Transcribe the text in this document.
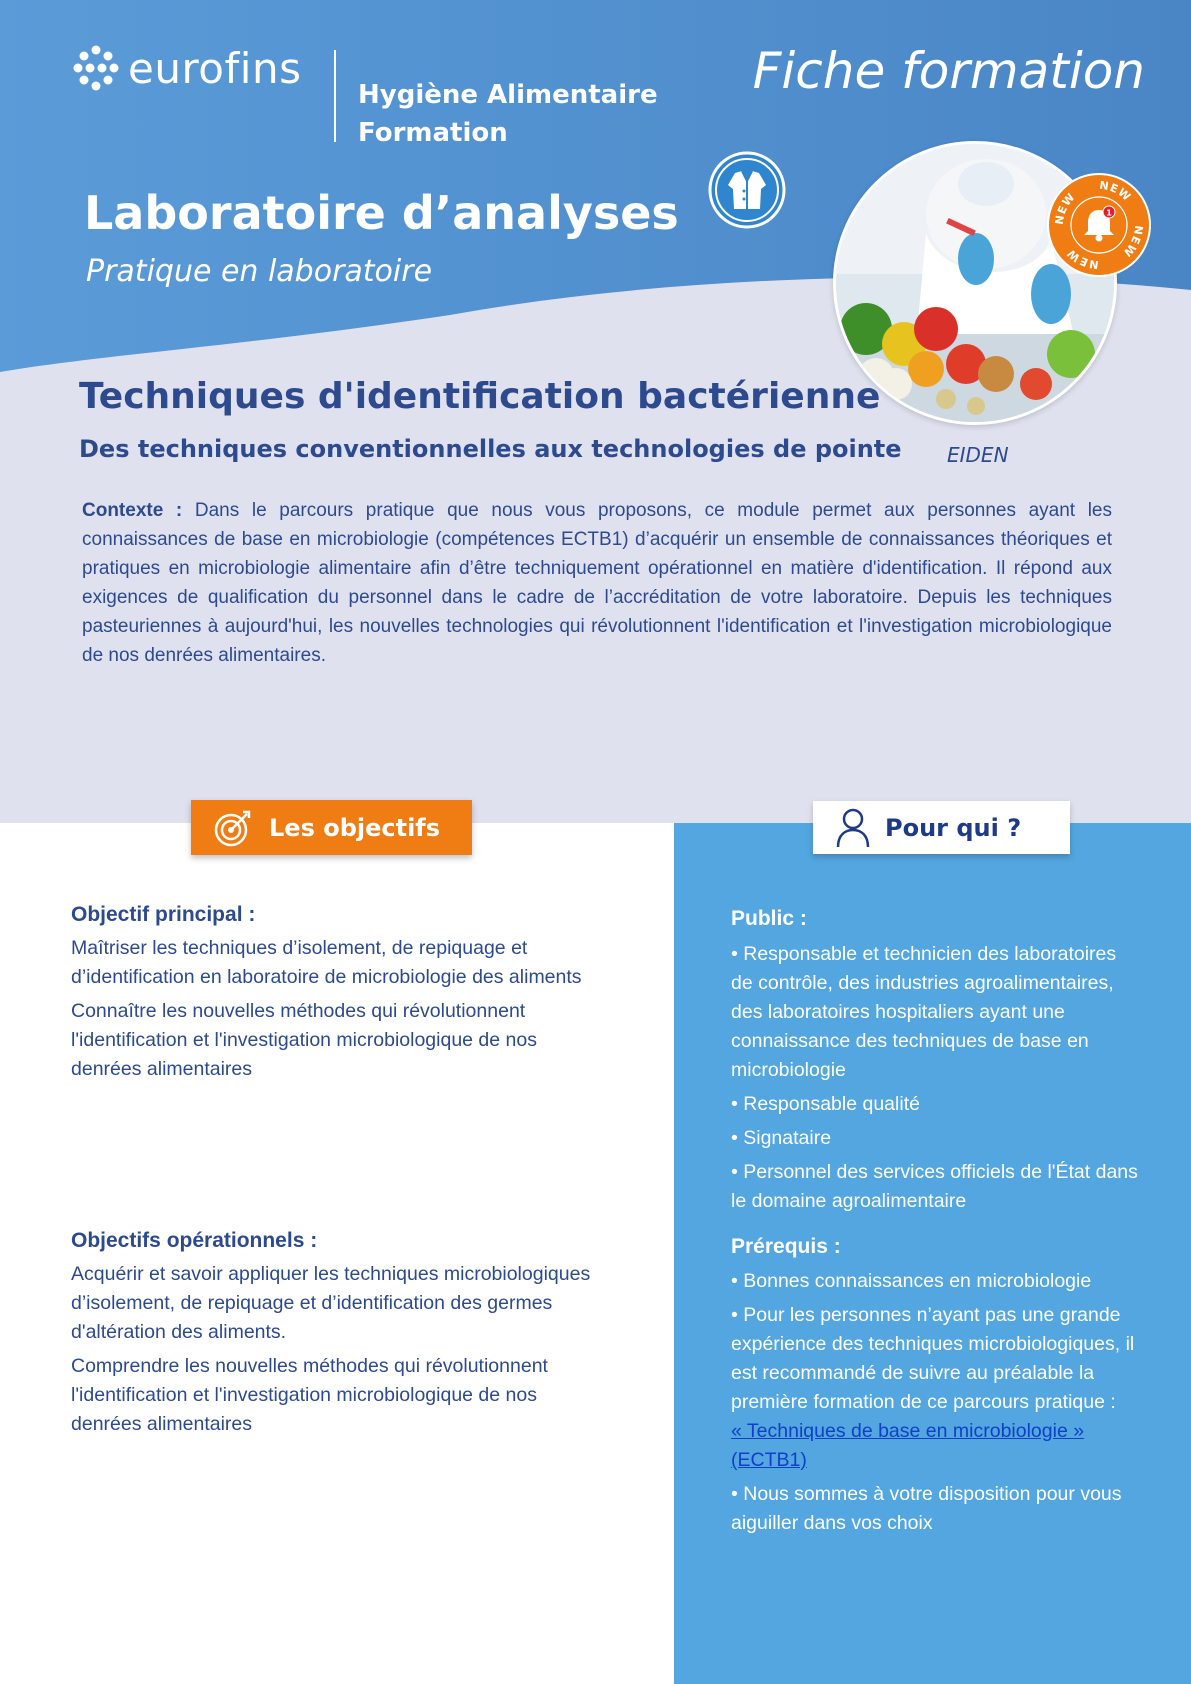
eurofins
Hygiène Alimentaire
Formation
Fiche formation
Laboratoire d’analyses
Pratique en laboratoire
NEW
NEW
NEW
NEW
1
Techniques d'identification bactérienne
Des techniques conventionnelles aux technologies de pointe EIDEN
Contexte : Dans le parcours pratique que nous vous proposons, ce module permet aux personnes ayant les connaissances de base en microbiologie (compétences ECTB1) d’acquérir un ensemble de connaissances théoriques et pratiques en microbiologie alimentaire afin d’être techniquement opérationnel en matière d'identification. Il répond aux exigences de qualification du personnel dans le cadre de l’accréditation de votre laboratoire. Depuis les techniques pasteuriennes à aujourd'hui, les nouvelles technologies qui révolutionnent l'identification et l'investigation microbiologique de nos denrées alimentaires.
Les objectifs	Pour qui ?
Objectif principal :

Maîtriser les techniques d’isolement, de repiquage et d’identification en laboratoire de microbiologie des aliments

Connaître les nouvelles méthodes qui révolutionnent l'identification et l'investigation microbiologique de nos denrées alimentaires

Objectifs opérationnels :

Acquérir et savoir appliquer les techniques microbiologiques d’isolement, de repiquage et d’identification des germes d'altération des aliments.

Comprendre les nouvelles méthodes qui révolutionnent l'identification et l'investigation microbiologique de nos denrées alimentaires

Public :

• Responsable et technicien des laboratoires de contrôle, des industries agroalimentaires, des laboratoires hospitaliers ayant une connaissance des techniques de base en microbiologie

• Responsable qualité

• Signataire

• Personnel des services officiels de l'État dans le domaine agroalimentaire

Prérequis :

• Bonnes connaissances en microbiologie

• Pour les personnes n’ayant pas une grande expérience des techniques microbiologiques, il est recommandé de suivre au préalable la première formation de ce parcours pratique :
« Techniques de base en microbiologie » (ECTB1)

• Nous sommes à votre disposition pour vous aiguiller dans vos choix
